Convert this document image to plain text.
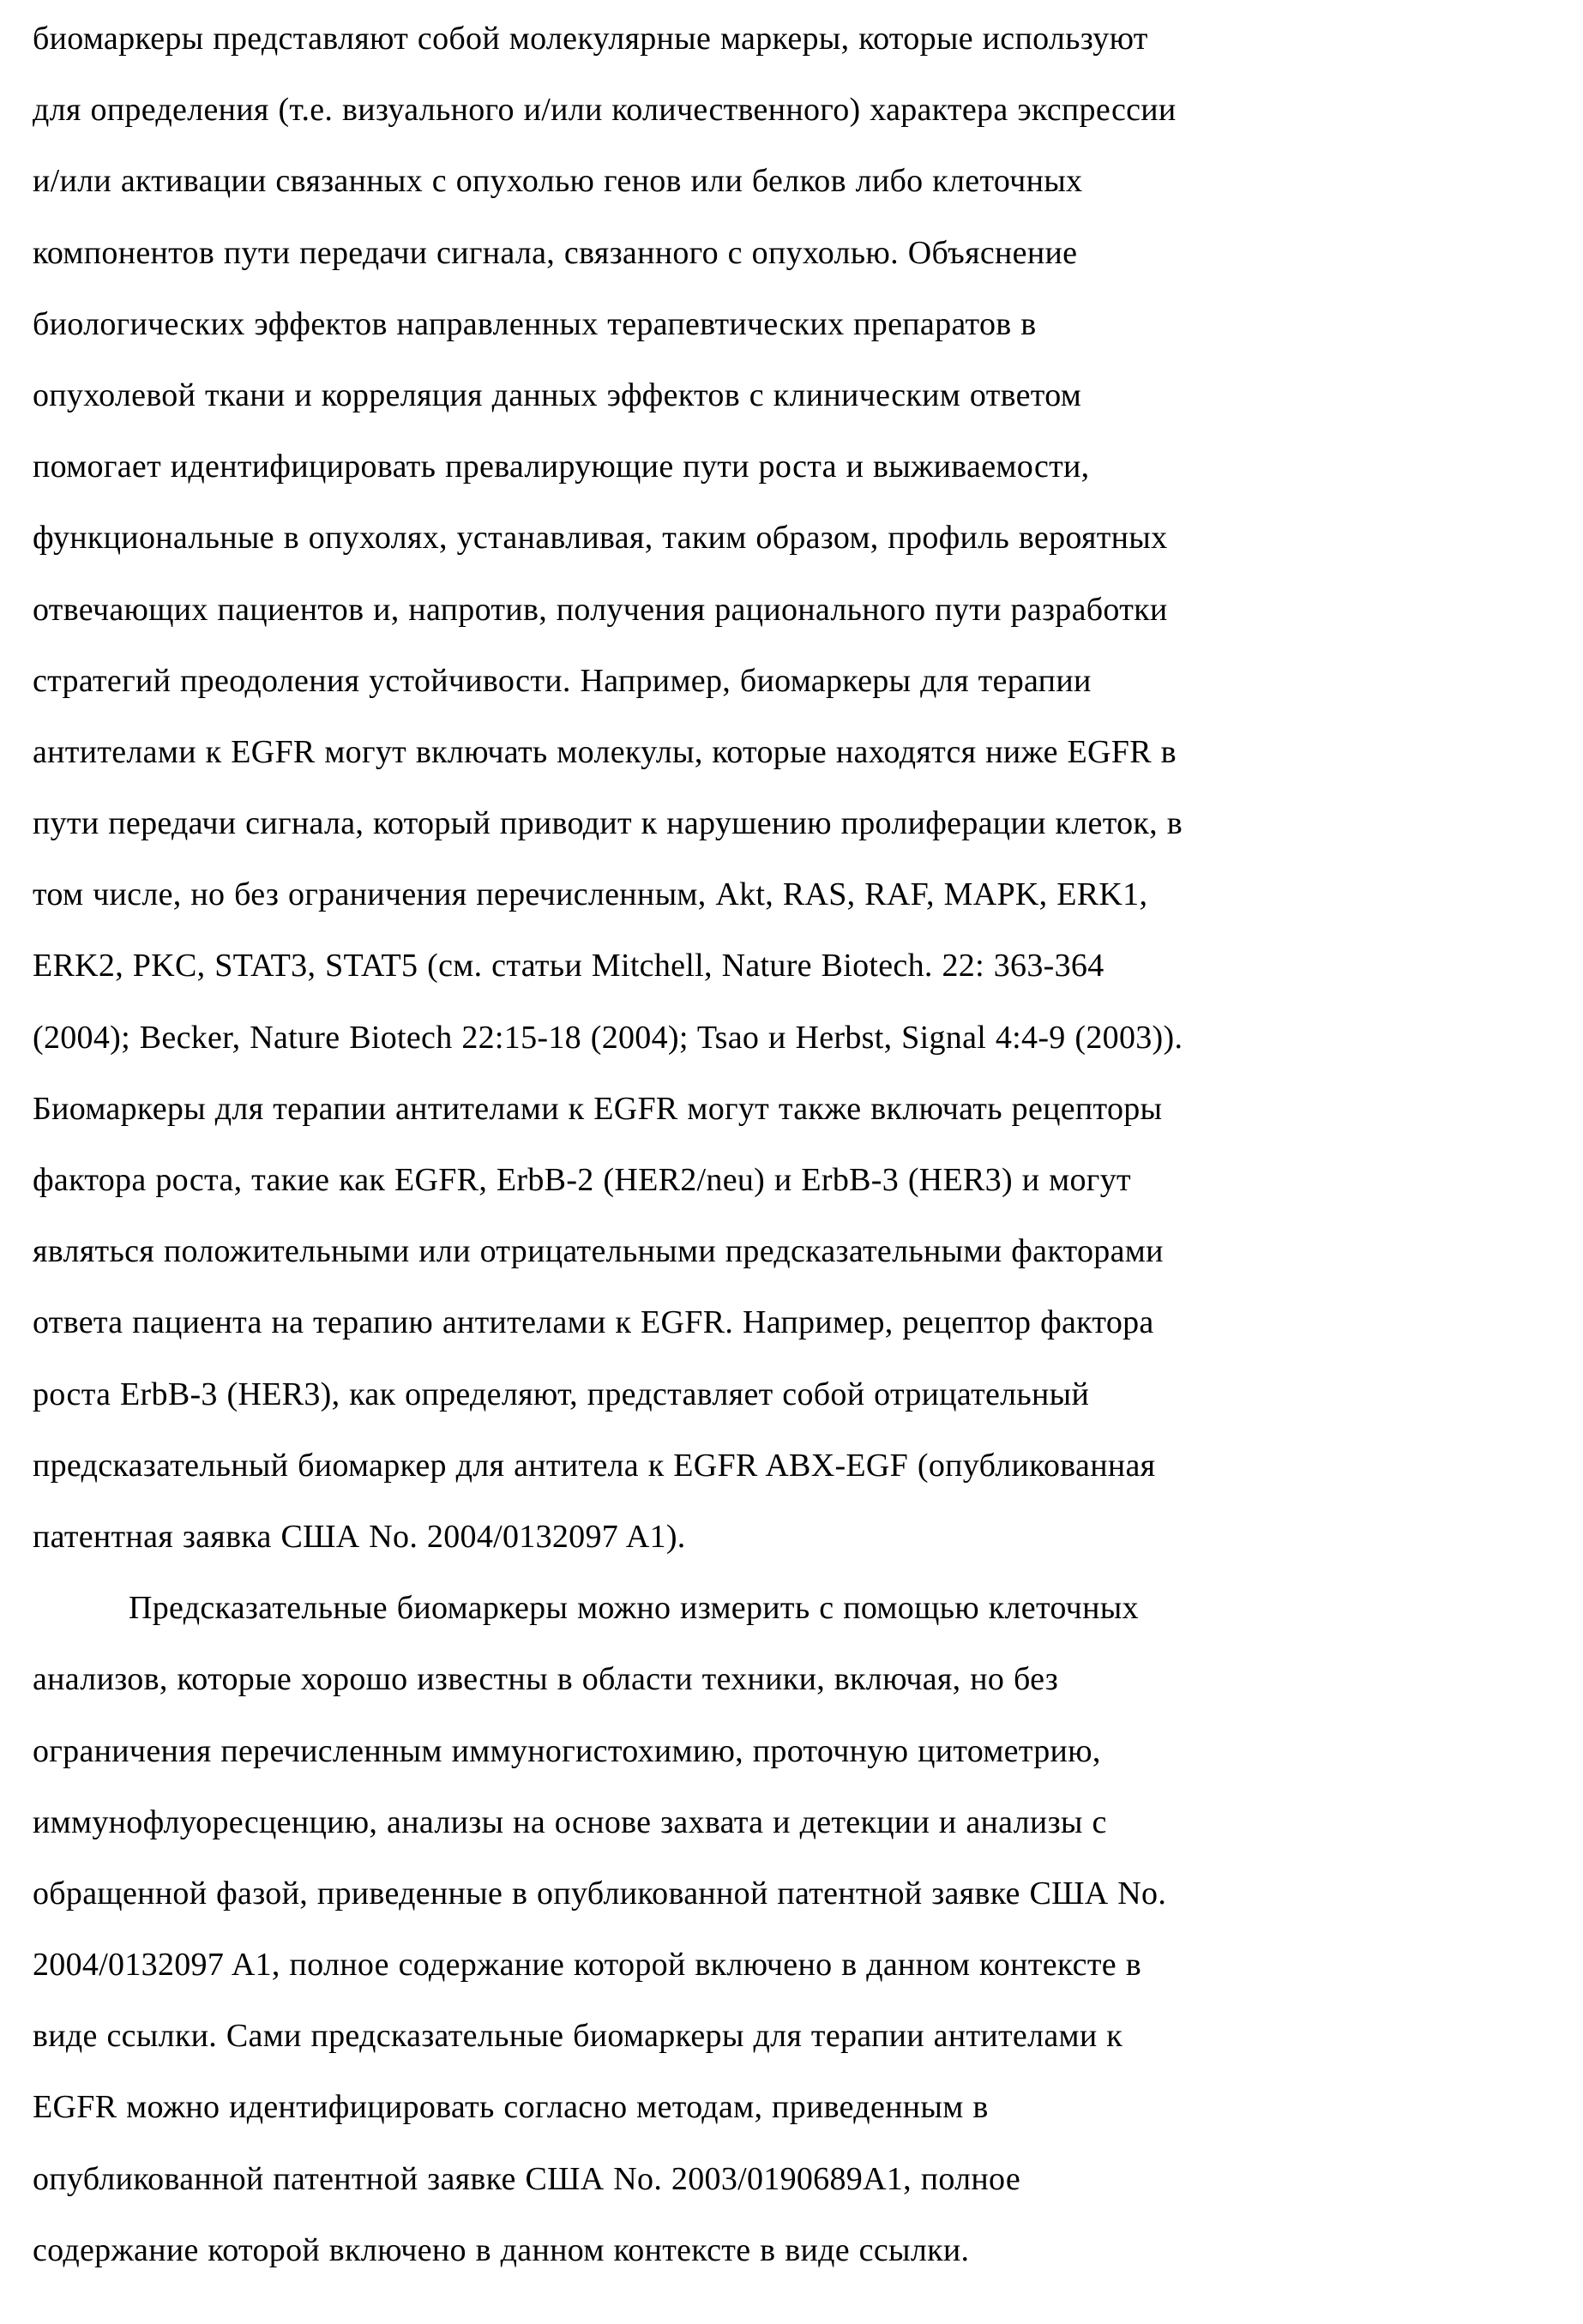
биомаркеры представляют собой молекулярные маркеры, которые используют
для определения (т.е. визуального и/или количественного) характера экспрессии
и/или активации связанных с опухолью генов или белков либо клеточных
компонентов пути передачи сигнала, связанного с опухолью. Объяснение
биологических эффектов направленных терапевтических препаратов в
опухолевой ткани и корреляция данных эффектов с клиническим ответом
помогает идентифицировать превалирующие пути роста и выживаемости,
функциональные в опухолях, устанавливая, таким образом, профиль вероятных
отвечающих пациентов и, напротив, получения рационального пути разработки
стратегий преодоления устойчивости. Например, биомаркеры для терапии
антителами к EGFR могут включать молекулы, которые находятся ниже EGFR в
пути передачи сигнала, который приводит к нарушению пролиферации клеток, в
том числе, но без ограничения перечисленным, Akt, RAS, RAF, MAPK, ERK1,
ERK2, PKC, STAT3, STAT5 (см. статьи Mitchell, Nature Biotech. 22: 363-364
(2004); Becker, Nature Biotech 22:15-18 (2004); Tsao и Herbst, Signal 4:4-9 (2003)).
Биомаркеры для терапии антителами к EGFR могут также включать рецепторы
фактора роста, такие как EGFR, ErbB-2 (HER2/neu) и ErbB-3 (HER3) и могут
являться положительными или отрицательными предсказательными факторами
ответа пациента на терапию антителами к EGFR. Например, рецептор фактора
роста ErbB-3 (HER3), как определяют, представляет собой отрицательный
предсказательный биомаркер для антитела к EGFR ABX-EGF (опубликованная
патентная заявка США No. 2004/0132097 A1).
Предсказательные биомаркеры можно измерить с помощью клеточных
анализов, которые хорошо известны в области техники, включая, но без
ограничения перечисленным иммуногистохимию, проточную цитометрию,
иммунофлуоресценцию, анализы на основе захвата и детекции и анализы с
обращенной фазой, приведенные в опубликованной патентной заявке США No.
2004/0132097 A1, полное содержание которой включено в данном контексте в
виде ссылки. Сами предсказательные биомаркеры для терапии антителами к
EGFR можно идентифицировать согласно методам, приведенным в
опубликованной патентной заявке США No. 2003/0190689A1, полное
содержание которой включено в данном контексте в виде ссылки.
